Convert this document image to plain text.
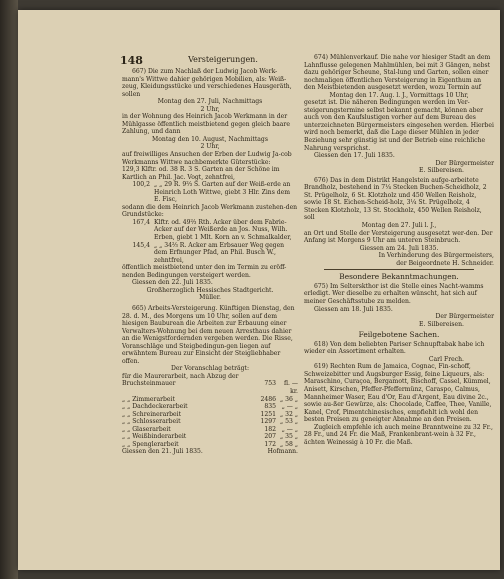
148	Versteigerungen.

667) Die zum Nachlaß der Ludwig Jacob Werk-mann's Wittwe dahier gehörigen Mobilien, als: Weiß-zeug, Kleidungsstücke und verschiedenes Hausgeräth, sollen

Montag den 27. Juli, Nachmittags

2 Uhr,

in der Wohnung des Heinrich Jacob Werkmann in der Mühlgasse öffentlich meistbietend gegen gleich baare Zahlung, und dann

Montag den 10. August, Nachmittags

2 Uhr,

auf freiwilliges Ansuchen der Erben der Ludwig Ja-cob Werkmanns Wittwe nachbemerkte Güterstücke:

129,3 Klftr. od. 38 R. 3 S. Garten an der Schöne im Kartlich an Phil. Jac. Vogt, zehntfrei,

100,2 „ „ 29 R. 9⅔ S. Garten auf der Weiß-erde an Heinrich Loth Wittwe, giebt 3 Hlr. Zins dem E. Fisc,

sodann die dem Heinrich Jacob Werkmann zustehen-den Grundstücke:

167,4 Klftr. od. 49⅔ Rth. Acker über dem Fabrie-Acker auf der Weißerde an Jos. Nuss, Wilh. Erben, giebt 1 Mlt. Korn an v. Schmalkalder,
145,4 „ „ 34⅔ R. Acker am Erbsauer Weg gegen dem Erfnunger Pfad, an Phil. Busch W., zehntfrei,

öffentlich meistbietend unter den im Termin zu eröff-nenden Bedingungen versteigert werden.

Giessen den 22. Juli 1835.

Großherzoglich Hessisches Stadtgericht.

Müller.

665) Arbeits-Versteigerung. Künftigen Dienstag, den 28. d. M., des Morgens um 10 Uhr, sollen auf dem hiesigen Bauburean die Arbeiten zur Erbauung einer Verwalters-Wohnung bei dem neuen Arresthaus dahier an die Wenigstfordernden vergeben werden. Die Risse, Voranschläge und Steigbedingun-gen liegen auf erwähntem Bureau zur Einsicht der Steigliebhaber offen.

Der Voranschlag beträgt:

für die Maurerarbeit, nach Abzug der

Bruchsteinmauer	753	fl. — kr.
„ „ Zimmerarbeit	2486 „ 36 „
„ „ Dachdeckerarbeit	835 „ — „
„ „ Schreinerarbeit	1251 „ 32 „
„ „ Schlosserarbeit	1297 „ 53 „
„ „ Glaserarbeit	182 „ — „
„ „ Weißbinderarbeit	207 „ 35 „
„ „ Spenglerarbeit	172 „ 58 „
Giessen den 21. Juli 1835.	Hofmann.

674) Mühlenverkauf. Die nahe vor hiesiger Stadt an dem Lahnflusse gelegenen Mahlmühlen, bei mit 3 Gängen, nebst dazu gehöriger Scheune, Stal-lung und Garten, sollen einer nochmaligen öffentlichen Versteigerung in Eigenthum an den Meistbietenden ausgesetzt werden, wozu Termin auf

Montag den 17. Aug. l. J., Vormittags 10 Uhr,

gesetzt ist. Die näheren Bedingungen werden im Ver-steigerungstermine selbst bekannt gemacht, können aber auch von den Kaufslustigen vorher auf dem Bureau des unterzeichneten Bürgermeisters eingesehen werden. Hierbei wird noch bemerkt, daß die Lage dieser Mühlen in jeder Beziehung sehr günstig ist und der Betrieb eine reichliche Nahrung versprichst.

Giessen den 17. Juli 1835.

Der Bürgermeister

E. Silbereisen.

676) Das in dem Distrikt Hangelstein aufge-arbeitete Brandholz, bestehend in 7¼ Stecken Buchen-Scheidholz, 2 St. Prügelholz, 6 St. Klotzholz und 450 Wellen Reisholz, sowie 18 St. Eichen-Scheid-holz, 3¼ St. Prügelholz, 4 Stecken Klotzholz, 13 St. Stockholz, 450 Wellen Reisholz, soll

Montag den 27. Juli l. J.,

an Ort und Stelle der Versteigerung ausgesetzt wer-den. Der Anfang ist Morgens 9 Uhr am unteren Steinbruch.

Giessen am 24. Juli 1835.

In Verhinderung des Bürgermeisters,

der Beigeordnete H. Schneider.

Besondere Bekanntmachungen.

675) Im Selterskthor ist die Stelle eines Nacht-wamms erledigt. Wer dieselbe zu erhalten wünscht, hat sich auf meiner Geschäftsstube zu melden.

Giessen am 18. Juli 1835.

Der Bürgermeister

E. Silbereisen.

Feilgebotene Sachen.

618) Von dem beliebten Pariser Schnupftabak habe ich wieder ein Assortiment erhalten.

Carl Frech.

619) Rechten Rum de Jamaica, Cognac, Fin-schoff, Schweizebitter und Augsburger Essig, feine Liqueurs, als: Maraschino, Curaçoa, Bergamott, Bischoff, Cassel, Kümmel, Anisett, Kirschen, Pfeffer-Pfeffermünz, Caraspo, Calmus, Mannheimer Waser, Eau d'Or, Eau d'Argent, Eau divine 2c., sowie au-ßer Gewürze, als: Chocolade, Caffee, Thee, Vanille, Kanel, Crof, Pimentchinesisches, empfiehlt ich wohl den besten Preisen zu geneigter Abnahme an den Preisen.

Zugleich empfehle ich auch meine Branntweine zu 32 Fr., 28 Fr., und 24 Fr. die Maß, Frankenbrant-wein à 32 Fr., ächten Weinessig à 10 Fr. die Maß.
